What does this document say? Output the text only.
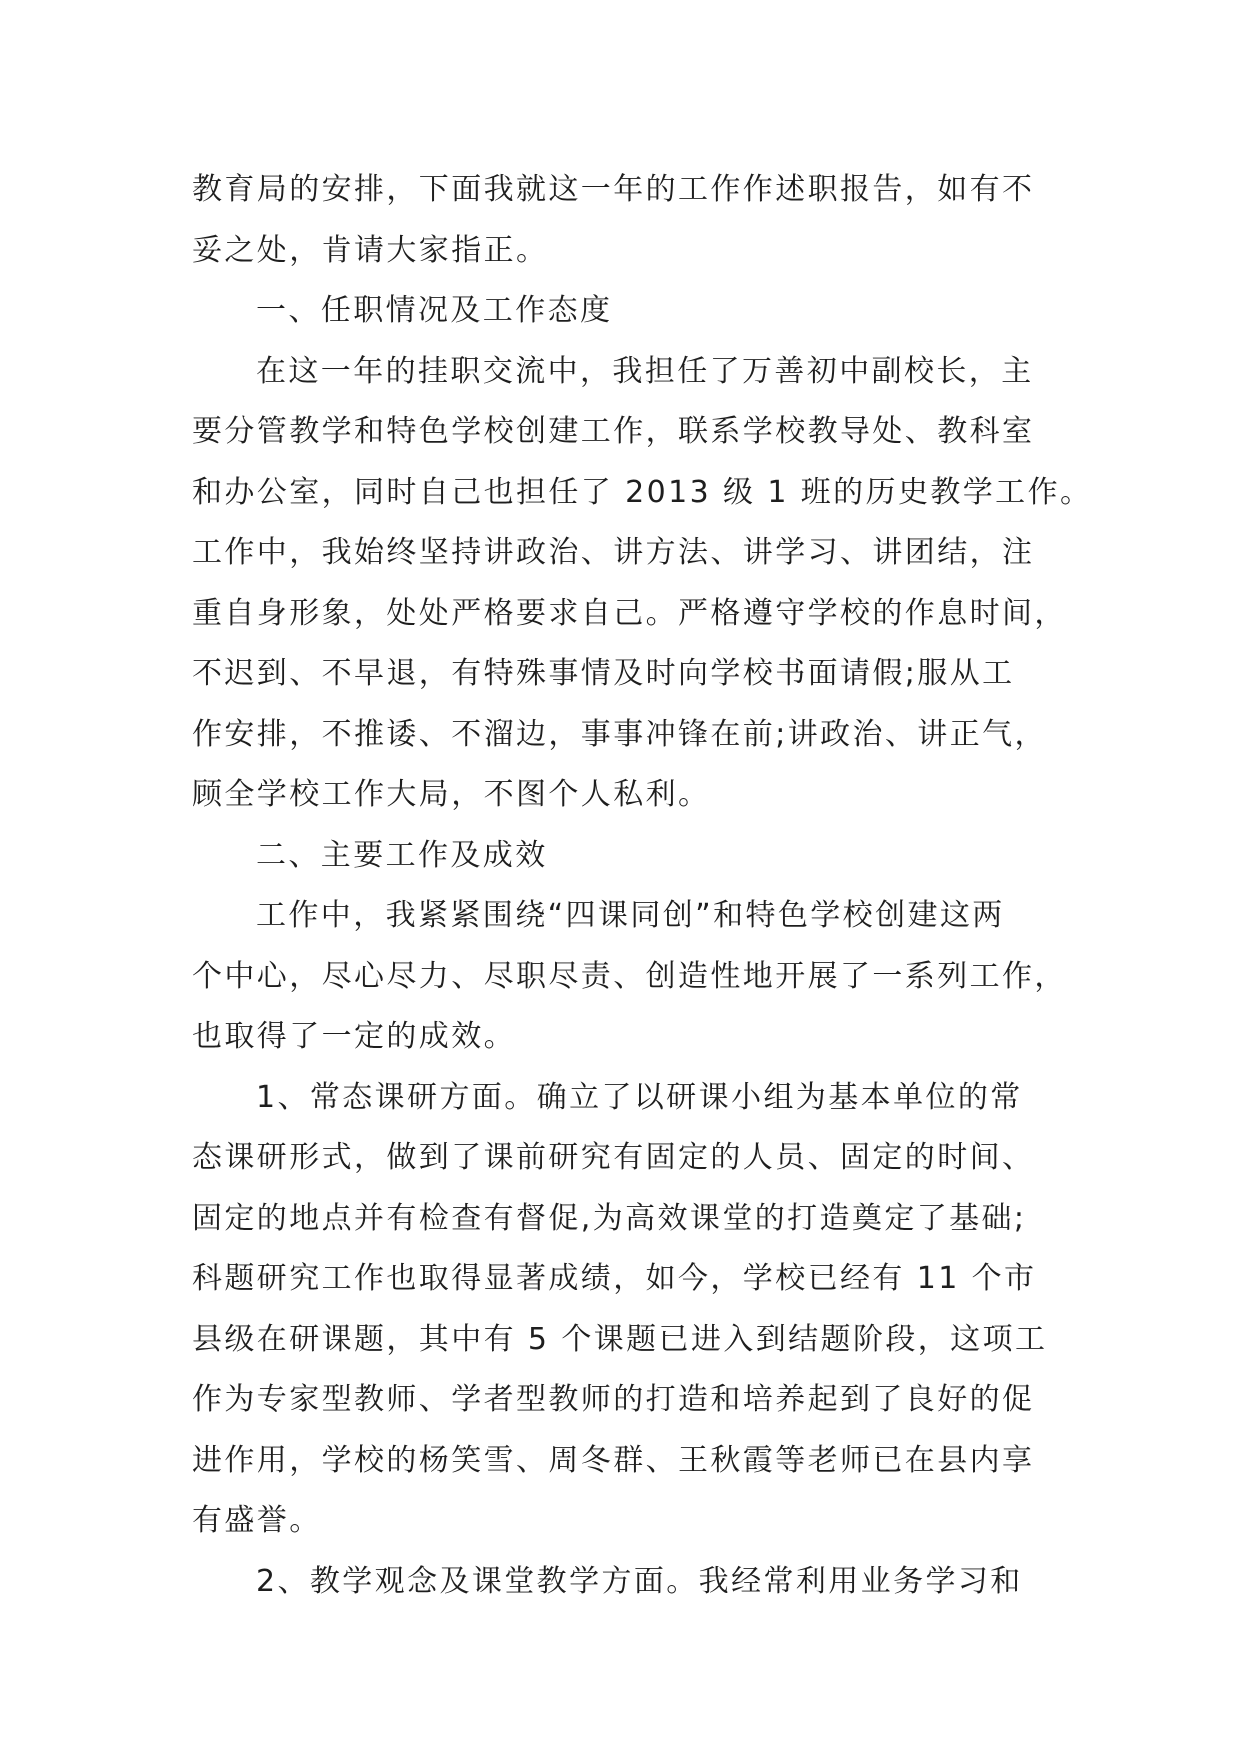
教育局的安排，下面我就这一年的工作作述职报告，如有不
妥之处，肯请大家指正。
一、任职情况及工作态度
在这一年的挂职交流中，我担任了万善初中副校长，主
要分管教学和特色学校创建工作，联系学校教导处、教科室
和办公室，同时自己也担任了 2013 级 1 班的历史教学工作。
工作中，我始终坚持讲政治、讲方法、讲学习、讲团结，注
重自身形象，处处严格要求自己。严格遵守学校的作息时间，
不迟到、不早退，有特殊事情及时向学校书面请假;服从工
作安排，不推诿、不溜边，事事冲锋在前;讲政治、讲正气，
顾全学校工作大局，不图个人私利。
二、主要工作及成效
工作中，我紧紧围绕“四课同创”和特色学校创建这两
个中心，尽心尽力、尽职尽责、创造性地开展了一系列工作，
也取得了一定的成效。
1、常态课研方面。确立了以研课小组为基本单位的常
态课研形式，做到了课前研究有固定的人员、固定的时间、
固定的地点并有检查有督促,为高效课堂的打造奠定了基础;
科题研究工作也取得显著成绩，如今，学校已经有 11 个市
县级在研课题，其中有 5 个课题已进入到结题阶段，这项工
作为专家型教师、学者型教师的打造和培养起到了良好的促
进作用，学校的杨笑雪、周冬群、王秋霞等老师已在县内享
有盛誉。
2、教学观念及课堂教学方面。我经常利用业务学习和
